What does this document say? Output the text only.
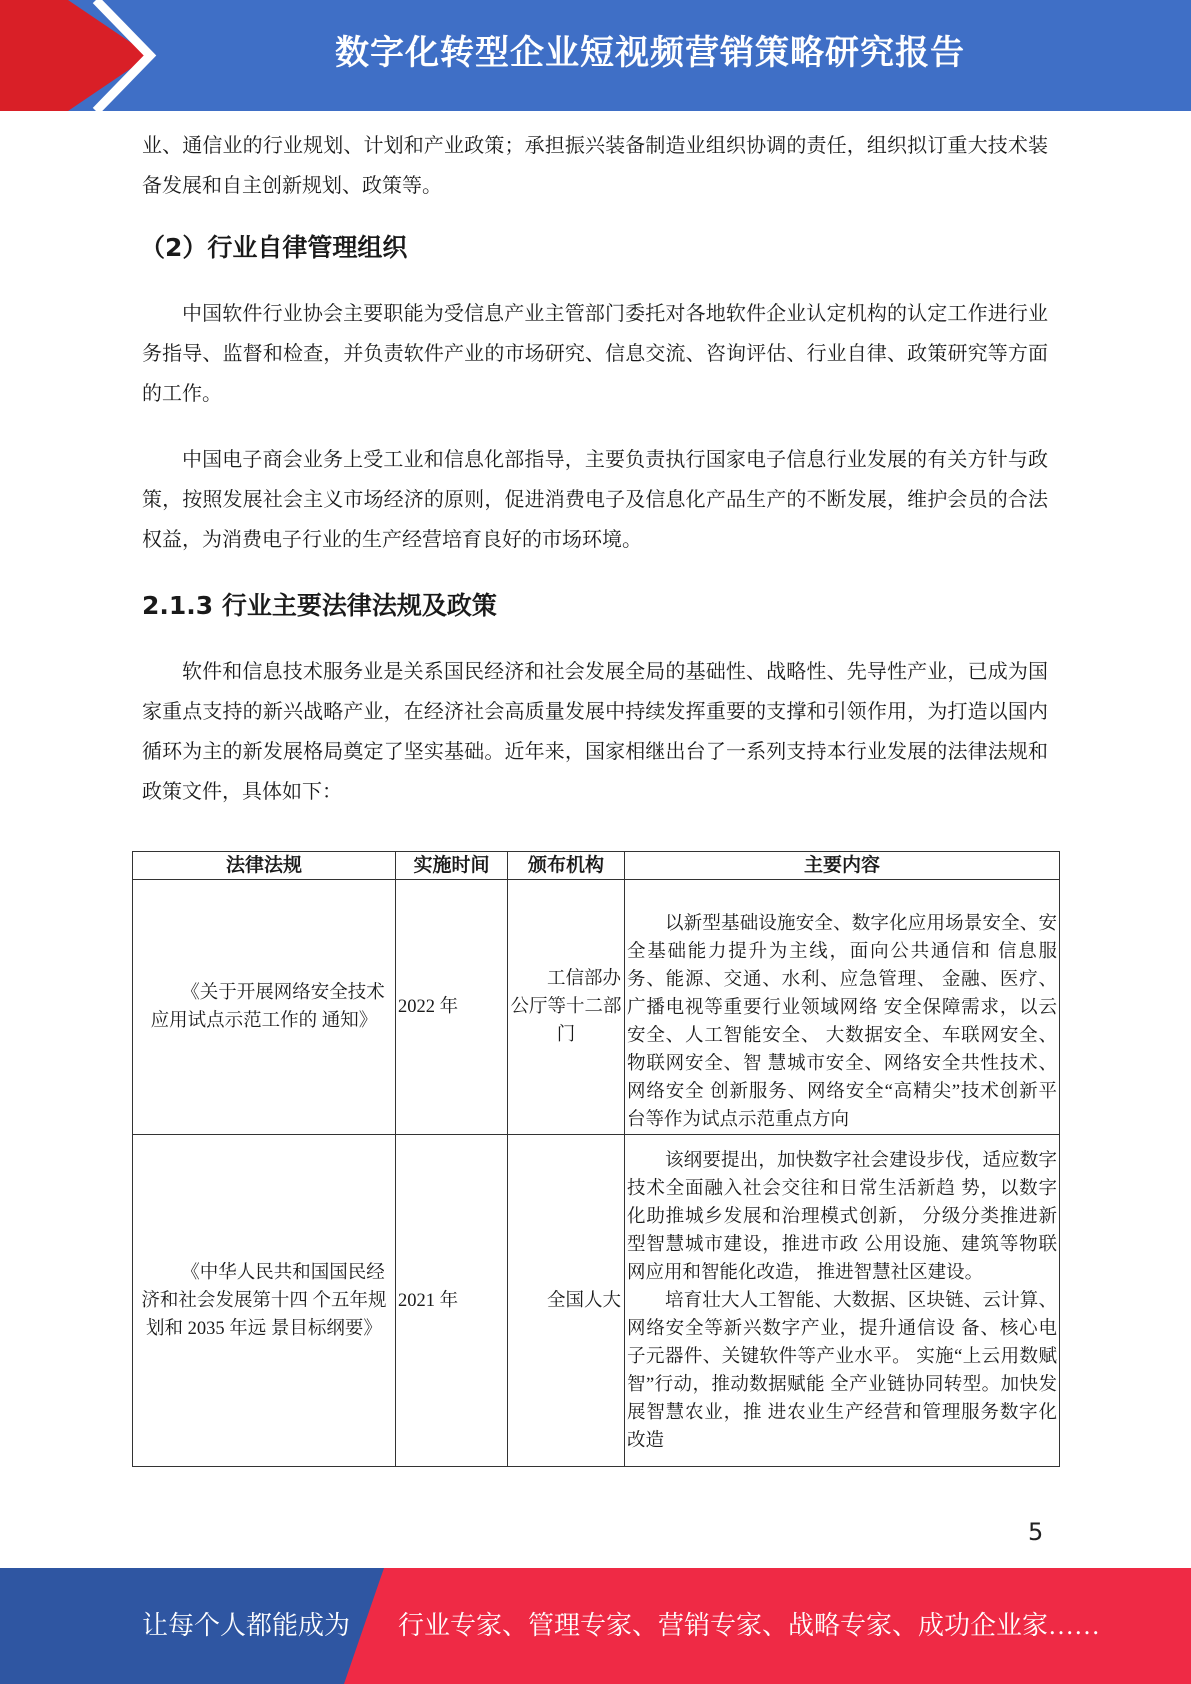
数字化转型企业短视频营销策略研究报告

业、通信业的行业规划、计划和产业政策；承担振兴装备制造业组织协调的责任，组织拟订重大技术装备发展和自主创新规划、政策等。

（2）行业自律管理组织

中国软件行业协会主要职能为受信息产业主管部门委托对各地软件企业认定机构的认定工作进行业务指导、监督和检查，并负责软件产业的市场研究、信息交流、咨询评估、行业自律、政策研究等方面的工作。

中国电子商会业务上受工业和信息化部指导，主要负责执行国家电子信息行业发展的有关方针与政策，按照发展社会主义市场经济的原则，促进消费电子及信息化产品生产的不断发展，维护会员的合法权益，为消费电子行业的生产经营培育良好的市场环境。

2.1.3 行业主要法律法规及政策

软件和信息技术服务业是关系国民经济和社会发展全局的基础性、战略性、先导性产业，已成为国家重点支持的新兴战略产业，在经济社会高质量发展中持续发挥重要的支撑和引领作用，为打造以国内循环为主的新发展格局奠定了坚实基础。近年来，国家相继出台了一系列支持本行业发展的法律法规和政策文件，具体如下：

法律法规	实施时间	颁布机构	主要内容
《关于开展网络安全技术应用试点示范工作的 通知》	2022 年	工信部办 公厅等十二部门	以新型基础设施安全、数字化应用场景安全、安全基础能力提升为主线，面向公共通信和 信息服务、能源、交通、水利、应急管理、 金融、医疗、广播电视等重要行业领域网络 安全保障需求，以云安全、人工智能安全、 大数据安全、车联网安全、物联网安全、智 慧城市安全、网络安全共性技术、网络安全 创新服务、网络安全“高精尖”技术创新平 台等作为试点示范重点方向

《中华人民共和国国民经济和社会发展第十四 个五年规划和 2035 年远 景目标纲要》	2021 年	全国人大	该纲要提出，加快数字社会建设步伐，适应数字技术全面融入社会交往和日常生活新趋 势，以数字化助推城乡发展和治理模式创新， 分级分类推进新型智慧城市建设，推进市政 公用设施、建筑等物联网应用和智能化改造， 推进智慧社区建设。
培育壮大人工智能、大数据、区块链、云计算、网络安全等新兴数字产业，提升通信设 备、核心电子元器件、关键软件等产业水平。 实施“上云用数赋智”行动，推动数据赋能 全产业链协同转型。加快发展智慧农业，推 进农业生产经营和管理服务数字化改造
5
让每个人都能成为 行业专家、管理专家、营销专家、战略专家、成功企业家……
